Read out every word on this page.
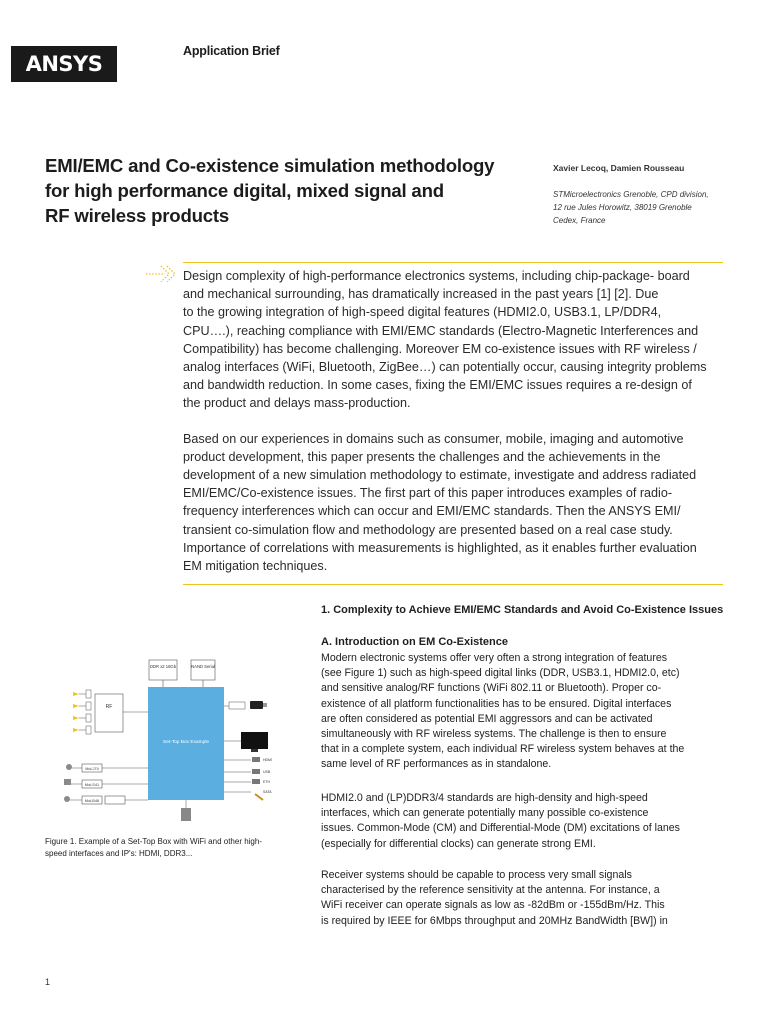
ANSYS
Application Brief
EMI/EMC and Co-existence simulation methodology
for high performance digital, mixed signal and
RF wireless products
Xavier Lecoq, Damien Rousseau
STMicroelectronics Grenoble, CPD division,
12 rue Jules Horowitz, 38019 Grenoble
Cedex, France
Design complexity of high-performance electronics systems, including chip-package- board
and mechanical surrounding, has dramatically increased in the past years [1] [2]. Due
to the growing integration of high-speed digital features (HDMI2.0, USB3.1, LP/DDR4,
CPU….), reaching compliance with EMI/EMC standards (Electro-Magnetic Interferences and
Compatibility) has become challenging. Moreover EM co-existence issues with RF wireless /
analog interfaces (WiFi, Bluetooth, ZigBee…) can potentially occur, causing integrity problems
and bandwidth reduction. In some cases, fixing the EMI/EMC issues requires a re-design of
the product and delays mass-production.
Based on our experiences in domains such as consumer, mobile, imaging and automotive
product development, this paper presents the challenges and the achievements in the
development of a new simulation methodology to estimate, investigate and address radiated
EMI/EMC/Co-existence issues. The first part of this paper introduces examples of radio-
frequency interferences which can occur and EMI/EMC standards. Then the ANSYS EMI/
transient co-simulation flow and methodology are presented based on a real case study.
Importance of correlations with measurements is highlighted, as it enables further evaluation
EM mitigation techniques.
DDR x2 16Gb	NAND Serial
Set-Top Box Example
RF
MoLJ74
MoLS41
MoLB46
HDMI
USB
ETH
SATA
Figure 1. Example of a Set-Top Box with WiFi and other high-
speed interfaces and IP's: HDMI, DDR3...
1. Complexity to Achieve EMI/EMC Standards and Avoid Co-Existence Issues
A. Introduction on EM Co-Existence
Modern electronic systems offer very often a strong integration of features
(see Figure 1) such as high-speed digital links (DDR, USB3.1, HDMI2.0, etc)
and sensitive analog/RF functions (WiFi 802.11 or Bluetooth). Proper co-
existence of all platform functionalities has to be ensured. Digital interfaces
are often considered as potential EMI aggressors and can be activated
simultaneously with RF wireless systems. The challenge is then to ensure
that in a complete system, each individual RF wireless system behaves at the
same level of RF performances as in standalone.
HDMI2.0 and (LP)DDR3/4 standards are high-density and high-speed
interfaces, which can generate potentially many possible co-existence
issues. Common-Mode (CM) and Differential-Mode (DM) excitations of lanes
(especially for differential clocks) can generate strong EMI.
Receiver systems should be capable to process very small signals
characterised by the reference sensitivity at the antenna. For instance, a
WiFi receiver can operate signals as low as -82dBm or -155dBm/Hz. This
is required by IEEE for 6Mbps throughput and 20MHz BandWidth [BW]) in
1
